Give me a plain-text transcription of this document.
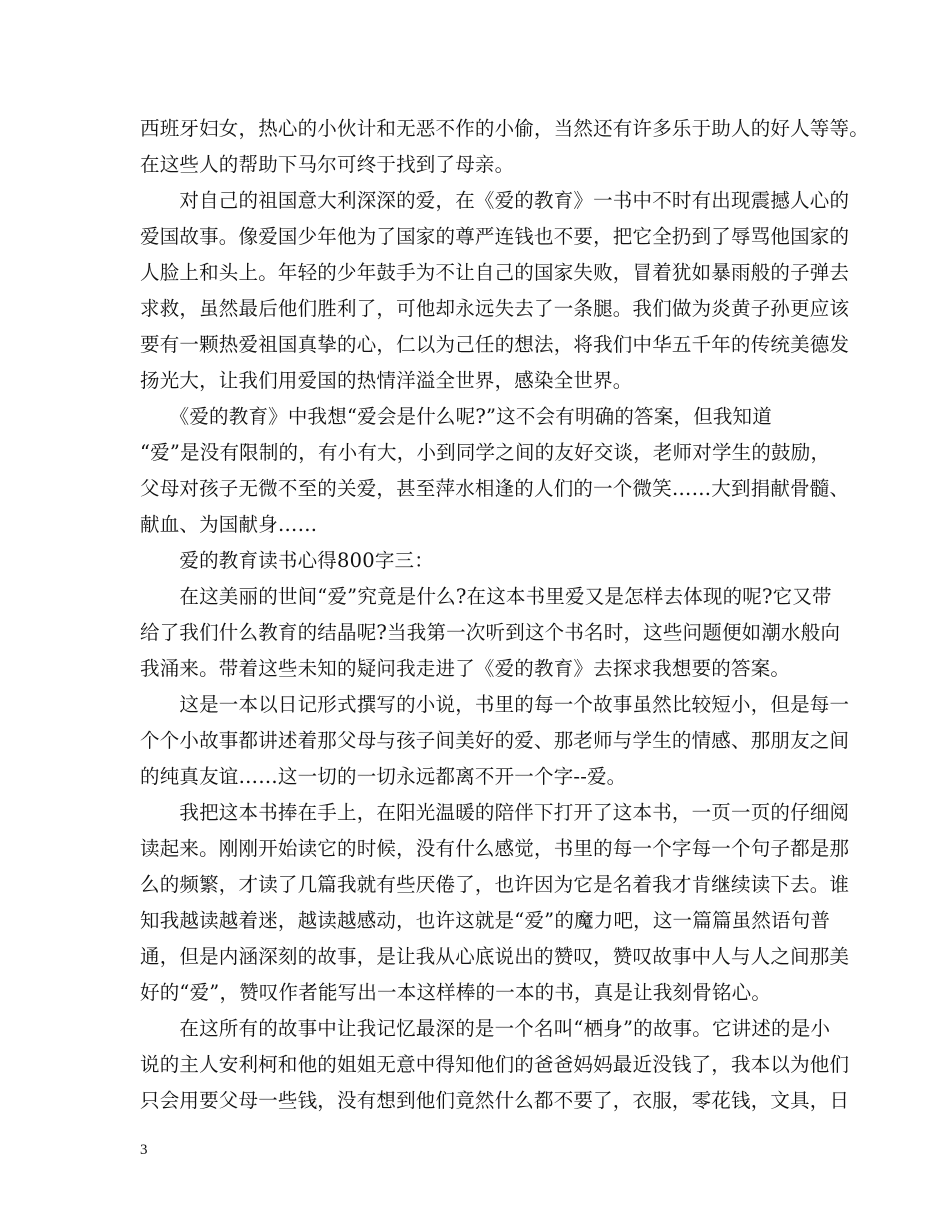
西班牙妇女，热心的小伙计和无恶不作的小偷，当然还有许多乐于助人的好人等等。
在这些人的帮助下马尔可终于找到了母亲。
　　对自己的祖国意大利深深的爱，在《爱的教育》一书中不时有出现震撼人心的
爱国故事。像爱国少年他为了国家的尊严连钱也不要，把它全扔到了辱骂他国家的
人脸上和头上。年轻的少年鼓手为不让自己的国家失败，冒着犹如暴雨般的子弹去
求救，虽然最后他们胜利了，可他却永远失去了一条腿。我们做为炎黄子孙更应该
要有一颗热爱祖国真挚的心，仁以为己任的想法，将我们中华五千年的传统美德发
扬光大，让我们用爱国的热情洋溢全世界，感染全世界。
　　《爱的教育》中我想“爱会是什么呢?”这不会有明确的答案，但我知道
“爱”是没有限制的，有小有大，小到同学之间的友好交谈，老师对学生的鼓励，
父母对孩子无微不至的关爱，甚至萍水相逢的人们的一个微笑……大到捐献骨髓、
献血、为国献身……
　　爱的教育读书心得800字三：
　　在这美丽的世间“爱”究竟是什么?在这本书里爱又是怎样去体现的呢?它又带
给了我们什么教育的结晶呢?当我第一次听到这个书名时，这些问题便如潮水般向
我涌来。带着这些未知的疑问我走进了《爱的教育》去探求我想要的答案。
　　这是一本以日记形式撰写的小说，书里的每一个故事虽然比较短小，但是每一
个个小故事都讲述着那父母与孩子间美好的爱、那老师与学生的情感、那朋友之间
的纯真友谊……这一切的一切永远都离不开一个字--爱。
　　我把这本书捧在手上，在阳光温暖的陪伴下打开了这本书，一页一页的仔细阅
读起来。刚刚开始读它的时候，没有什么感觉，书里的每一个字每一个句子都是那
么的频繁，才读了几篇我就有些厌倦了，也许因为它是名着我才肯继续读下去。谁
知我越读越着迷，越读越感动，也许这就是“爱”的魔力吧，这一篇篇虽然语句普
通，但是内涵深刻的故事，是让我从心底说出的赞叹，赞叹故事中人与人之间那美
好的“爱”，赞叹作者能写出一本这样棒的一本的书，真是让我刻骨铭心。
　　在这所有的故事中让我记忆最深的是一个名叫“栖身”的故事。它讲述的是小
说的主人安利柯和他的姐姐无意中得知他们的爸爸妈妈最近没钱了，我本以为他们
只会用要父母一些钱，没有想到他们竟然什么都不要了，衣服，零花钱，文具，日
3
